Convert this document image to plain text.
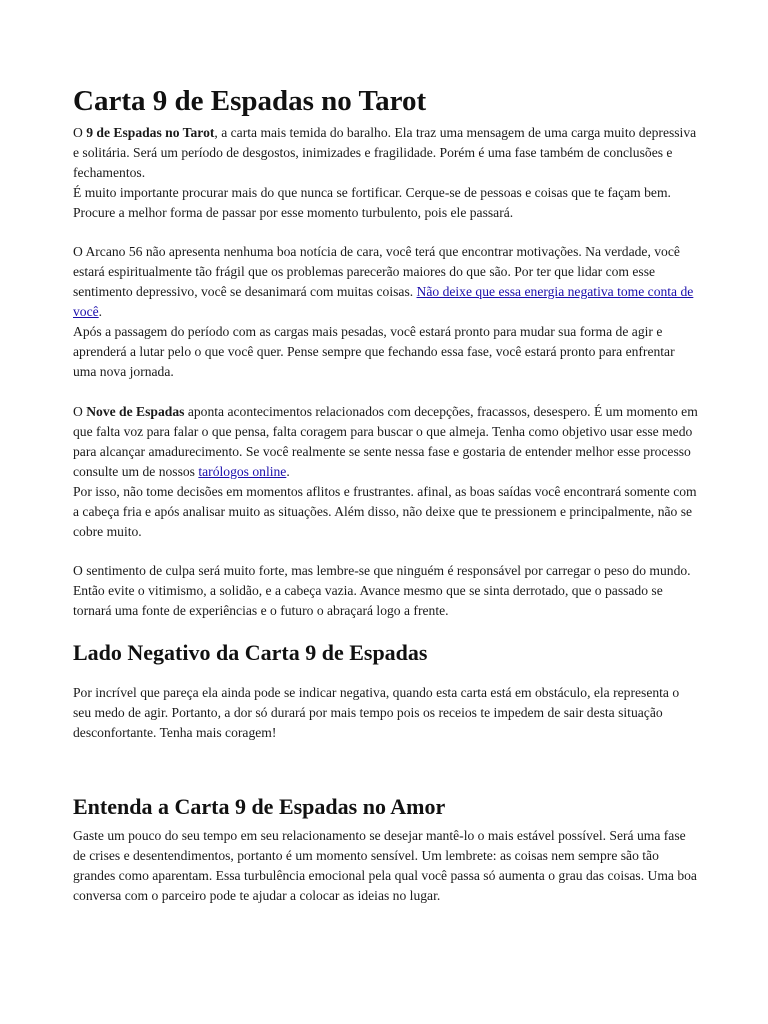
Carta 9 de Espadas no Tarot

O 9 de Espadas no Tarot, a carta mais temida do baralho. Ela traz uma mensagem de uma carga muito depressiva e solitária. Será um período de desgostos, inimizades e fragilidade. Porém é uma fase também de conclusões e fechamentos.

É muito importante procurar mais do que nunca se fortificar. Cerque-se de pessoas e coisas que te façam bem. Procure a melhor forma de passar por esse momento turbulento, pois ele passará.

O Arcano 56 não apresenta nenhuma boa notícia de cara, você terá que encontrar motivações. Na verdade, você estará espiritualmente tão frágil que os problemas parecerão maiores do que são. Por ter que lidar com esse sentimento depressivo, você se desanimará com muitas coisas. Não deixe que essa energia negativa tome conta de você.

Após a passagem do período com as cargas mais pesadas, você estará pronto para mudar sua forma de agir e aprenderá a lutar pelo o que você quer. Pense sempre que fechando essa fase, você estará pronto para enfrentar uma nova jornada.

O Nove de Espadas aponta acontecimentos relacionados com decepções, fracassos, desespero. É um momento em que falta voz para falar o que pensa, falta coragem para buscar o que almeja. Tenha como objetivo usar esse medo para alcançar amadurecimento. Se você realmente se sente nessa fase e gostaria de entender melhor esse processo consulte um de nossos tarólogos online.

Por isso, não tome decisões em momentos aflitos e frustrantes. afinal, as boas saídas você encontrará somente com a cabeça fria e após analisar muito as situações. Além disso, não deixe que te pressionem e principalmente, não se cobre muito.

O sentimento de culpa será muito forte, mas lembre-se que ninguém é responsável por carregar o peso do mundo. Então evite o vitimismo, a solidão, e a cabeça vazia. Avance mesmo que se sinta derrotado, que o passado se tornará uma fonte de experiências e o futuro o abraçará logo a frente.

Lado Negativo da Carta 9 de Espadas

Por incrível que pareça ela ainda pode se indicar negativa, quando esta carta está em obstáculo, ela representa o seu medo de agir. Portanto, a dor só durará por mais tempo pois os receios te impedem de sair desta situação desconfortante. Tenha mais coragem!

Entenda a Carta 9 de Espadas no Amor

Gaste um pouco do seu tempo em seu relacionamento se desejar mantê-lo o mais estável possível. Será uma fase de crises e desentendimentos, portanto é um momento sensível. Um lembrete: as coisas nem sempre são tão grandes como aparentam. Essa turbulência emocional pela qual você passa só aumenta o grau das coisas. Uma boa conversa com o parceiro pode te ajudar a colocar as ideias no lugar.
